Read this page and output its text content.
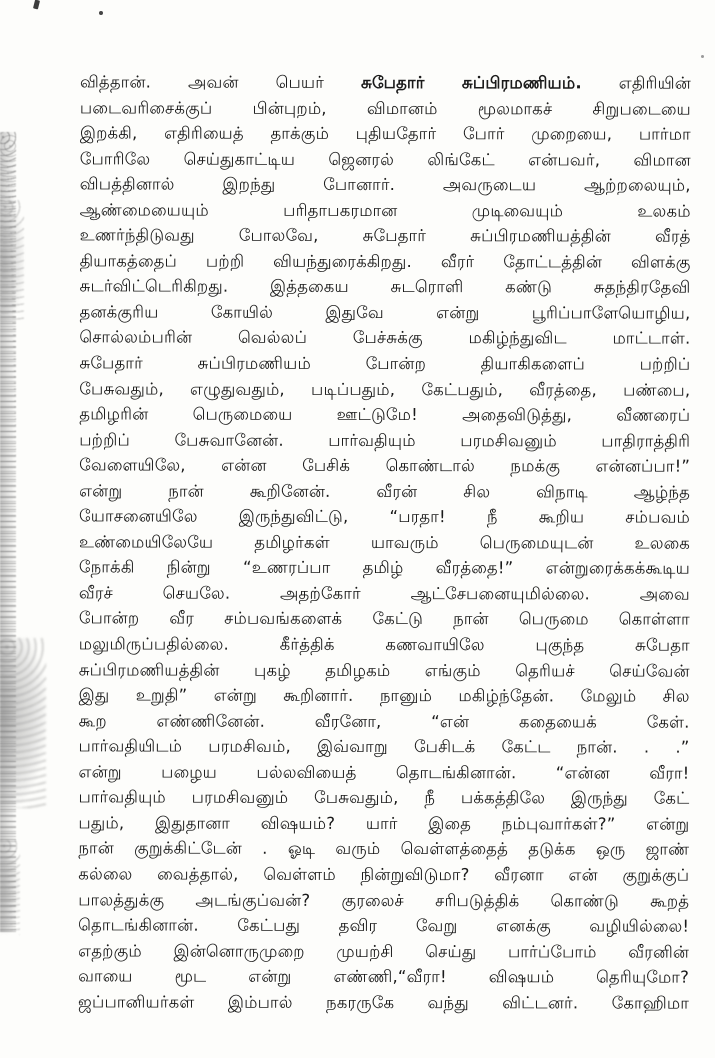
வித்தான். அவன் பெயர் சுபேதார் சுப்பிரமணியம். எதிரியின்
படைவரிசைக்குப் பின்புறம், விமானம் மூலமாகச் சிறுபடையை
இறக்கி, எதிரியைத் தாக்கும் புதியதோர் போர் முறையை, பார்மா
போரிலே செய்துகாட்டிய ஜெனரல் லிங்கேட் என்பவர், விமான
விபத்தினால் இறந்து போனார். அவருடைய ஆற்றலையும்,
ஆண்மையையும் பரிதாபகரமான முடிவையும் உலகம்
உணர்ந்திடுவது போலவே, சுபேதார் சுப்பிரமணியத்தின் வீரத்
தியாகத்தைப் பற்றி வியந்துரைக்கிறது. வீரர் தோட்டத்தின் விளக்கு
சுடர்விட்டெரிகிறது. இத்தகைய சுடரொளி கண்டு சுதந்திரதேவி
தனக்குரிய கோயில் இதுவே என்று பூரிப்பாளேயொழிய,
சொல்லம்பரின் வெல்லப் பேச்சுக்கு மகிழ்ந்துவிட மாட்டாள்.
சுபேதார் சுப்பிரமணியம் போன்ற தியாகிகளைப் பற்றிப்
பேசுவதும், எழுதுவதும், படிப்பதும், கேட்பதும், வீரத்தை, பண்பை,
தமிழரின் பெருமையை ஊட்டுமே! அதைவிடுத்து, வீணரைப்
பற்றிப் பேசுவானேன். பார்வதியும் பரமசிவனும் பாதிராத்திரி
வேளையிலே, என்ன பேசிக் கொண்டால் நமக்கு என்னப்பா!”
என்று நான் கூறினேன். வீரன் சில விநாடி ஆழ்ந்த
யோசனையிலே இருந்துவிட்டு, “பரதா! நீ கூறிய சம்பவம்
உண்மையிலேயே தமிழர்கள் யாவரும் பெருமையுடன் உலகை
நோக்கி நின்று “உணரப்பா தமிழ் வீரத்தை!” என்றுரைக்கக்கூடிய
வீரச் செயலே. அதற்கோர் ஆட்சேபனையுமில்லை. அவை
போன்ற வீர சம்பவங்களைக் கேட்டு நான் பெருமை கொள்ளா
மலுமிருப்பதில்லை. கீர்த்திக் கணவாயிலே புகுந்த சுபேதா
சுப்பிரமணியத்தின் புகழ் தமிழகம் எங்கும் தெரியச் செய்வேன்
இது உறுதி” என்று கூறினார். நானும் மகிழ்ந்தேன். மேலும் சில
கூற எண்ணினேன். வீரனோ, “என் கதையைக் கேள்.
பார்வதியிடம் பரமசிவம், இவ்வாறு பேசிடக் கேட்ட நான். . .”
என்று பழைய பல்லவியைத் தொடங்கினான். “என்ன வீரா!
பார்வதியும் பரமசிவனும் பேசுவதும், நீ பக்கத்திலே இருந்து கேட்
பதும், இதுதானா விஷயம்? யார் இதை நம்புவார்கள்?” என்று
நான் குறுக்கிட்டேன் . ஓடி வரும் வெள்ளத்தைத் தடுக்க ஒரு ஜாண்
கல்லை வைத்தால், வெள்ளம் நின்றுவிடுமா? வீரனா என் குறுக்குப்
பாலத்துக்கு அடங்குப்வன்? குரலைச் சரிபடுத்திக் கொண்டு கூறத்
தொடங்கினான். கேட்பது தவிர வேறு எனக்கு வழியில்லை!
எதற்கும் இன்னொருமுறை முயற்சி செய்து பார்ப்போம் வீரனின்
வாயை மூட என்று எண்ணி,“வீரா! விஷயம் தெரியுமோ?
ஜப்பானியர்கள் இம்பால் நகரருகே வந்து விட்டனர். கோஹிமா
